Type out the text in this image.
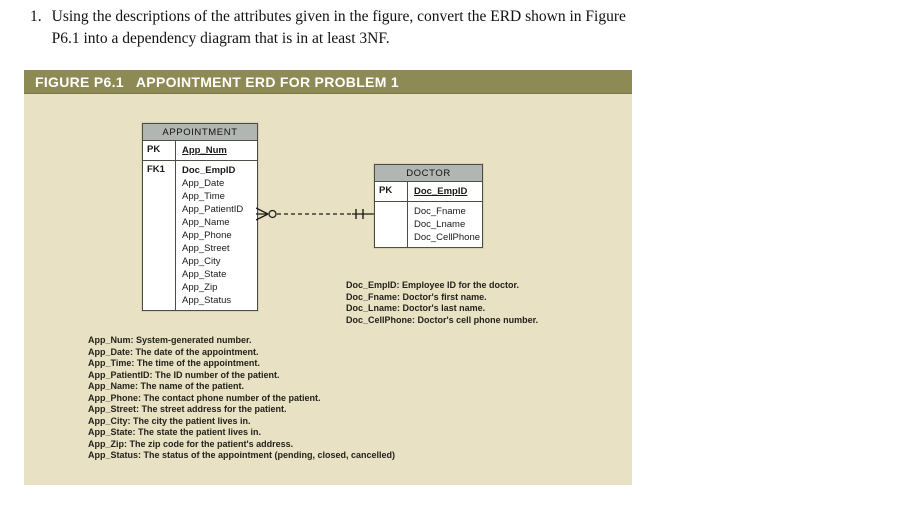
1. Using the descriptions of the attributes given in the figure, convert the ERD shown in Figure P6.1 into a dependency diagram that is in at least 3NF.
FIGURE P6.1 APPOINTMENT ERD FOR PROBLEM 1
APPOINTMENT
PK	App_Num
FK1	Doc_EmpID
App_Date
App_Time
App_PatientID
App_Name
App_Phone
App_Street
App_City
App_State
App_Zip
App_Status
DOCTOR
PK	Doc_EmpID
Doc_Fname
Doc_Lname
Doc_CellPhone
Doc_EmpID: Employee ID for the doctor.
Doc_Fname: Doctor's first name.
Doc_Lname: Doctor's last name.
Doc_CellPhone: Doctor's cell phone number.
App_Num: System-generated number.
App_Date: The date of the appointment.
App_Time: The time of the appointment.
App_PatientID: The ID number of the patient.
App_Name: The name of the patient.
App_Phone: The contact phone number of the patient.
App_Street: The street address for the patient.
App_City: The city the patient lives in.
App_State: The state the patient lives in.
App_Zip: The zip code for the patient's address.
App_Status: The status of the appointment (pending, closed, cancelled)
